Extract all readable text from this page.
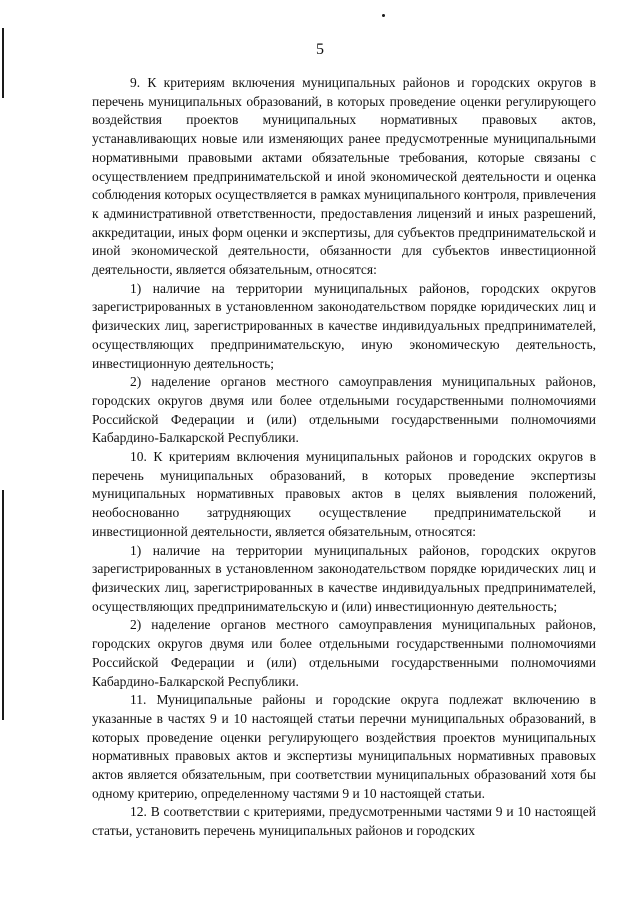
5

9. К критериям включения муниципальных районов и городских округов в перечень муниципальных образований, в которых проведение оценки регулирующего воздействия проектов муниципальных нормативных правовых актов, устанавливающих новые или изменяющих ранее предусмотренные муниципальными нормативными правовыми актами обязательные требования, которые связаны с осуществлением предпринимательской и иной экономической деятельности и оценка соблюдения которых осуществляется в рамках муниципального контроля, привлечения к административной ответственности, предоставления лицензий и иных разрешений, аккредитации, иных форм оценки и экспертизы, для субъектов предпринимательской и иной экономической деятельности, обязанности для субъектов инвестиционной деятельности, является обязательным, относятся:

1) наличие на территории муниципальных районов, городских округов зарегистрированных в установленном законодательством порядке юридических лиц и физических лиц, зарегистрированных в качестве индивидуальных предпринимателей, осуществляющих предпринимательскую, иную экономическую деятельность, инвестиционную деятельность;

2) наделение органов местного самоуправления муниципальных районов, городских округов двумя или более отдельными государственными полномочиями Российской Федерации и (или) отдельными государственными полномочиями Кабардино-Балкарской Республики.

10. К критериям включения муниципальных районов и городских округов в перечень муниципальных образований, в которых проведение экспертизы муниципальных нормативных правовых актов в целях выявления положений, необоснованно затрудняющих осуществление предпринимательской и инвестиционной деятельности, является обязательным, относятся:

1) наличие на территории муниципальных районов, городских округов зарегистрированных в установленном законодательством порядке юридических лиц и физических лиц, зарегистрированных в качестве индивидуальных предпринимателей, осуществляющих предпринимательскую и (или) инвестиционную деятельность;

2) наделение органов местного самоуправления муниципальных районов, городских округов двумя или более отдельными государственными полномочиями Российской Федерации и (или) отдельными государственными полномочиями Кабардино-Балкарской Республики.

11. Муниципальные районы и городские округа подлежат включению в указанные в частях 9 и 10 настоящей статьи перечни муниципальных образований, в которых проведение оценки регулирующего воздействия проектов муниципальных нормативных правовых актов и экспертизы муниципальных нормативных правовых актов является обязательным, при соответствии муниципальных образований хотя бы одному критерию, определенному частями 9 и 10 настоящей статьи.

12. В соответствии с критериями, предусмотренными частями 9 и 10 настоящей статьи, установить перечень муниципальных районов и городских
